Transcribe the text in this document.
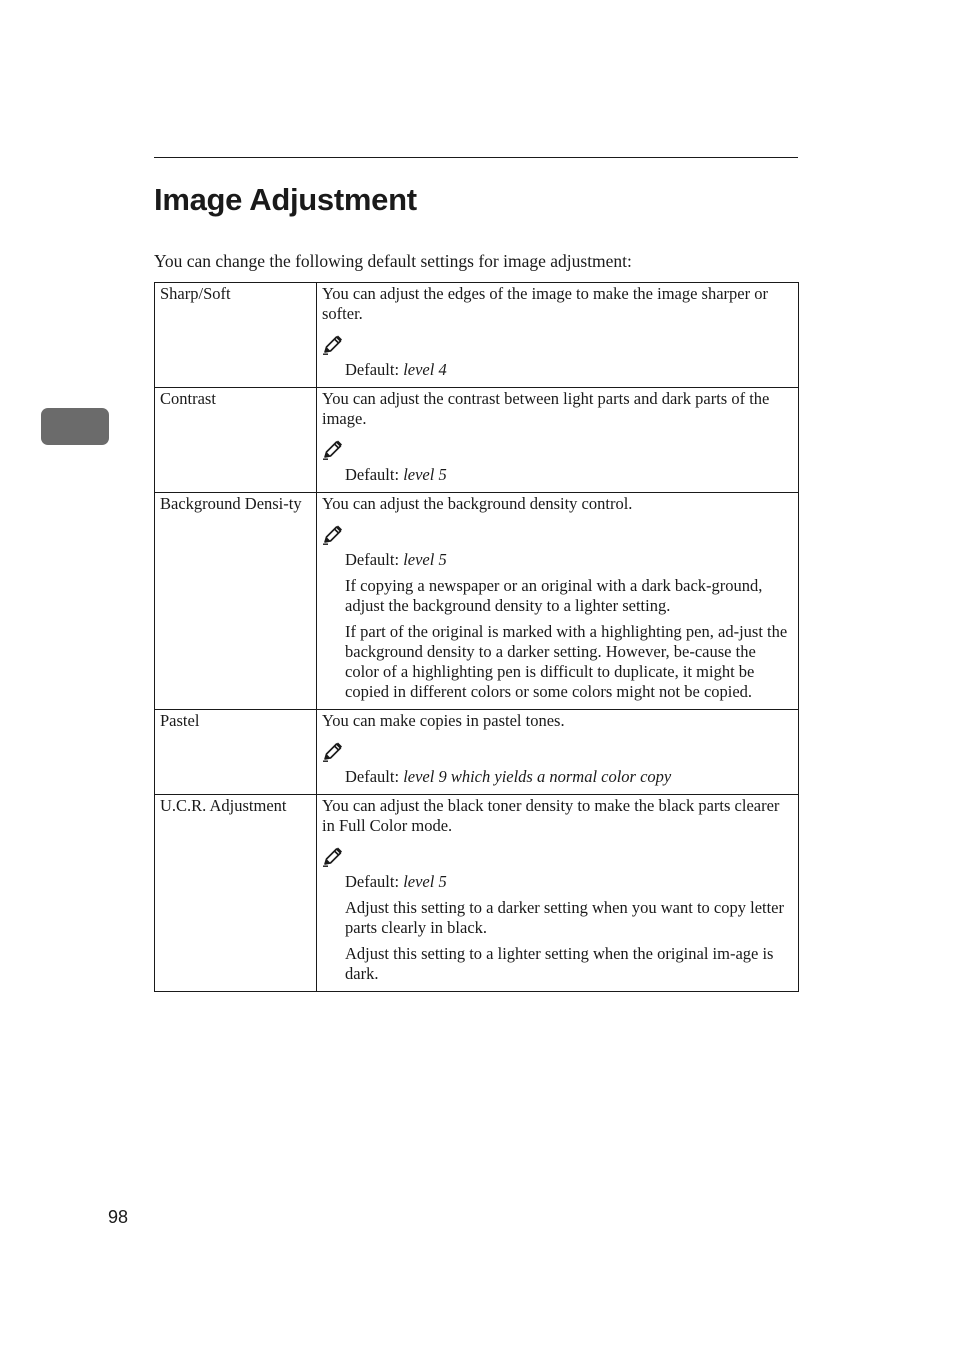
Image Adjustment

You can change the following default settings for image adjustment:

Sharp/Soft	You can adjust the edges of the image to make the image sharper or softer.

Default: level 4

Contrast	You can adjust the contrast between light parts and dark parts of the image.

Default: level 5

Background Densi-ty	You can adjust the background density control.

Default: level 5

If copying a newspaper or an original with a dark back-ground, adjust the background density to a lighter setting.

If part of the original is marked with a highlighting pen, ad-just the background density to a darker setting. However, be-cause the color of a highlighting pen is difficult to duplicate, it might be copied in different colors or some colors might not be copied.

Pastel	You can make copies in pastel tones.

Default: level 9 which yields a normal color copy

U.C.R. Adjustment	You can adjust the black toner density to make the black parts clearer in Full Color mode.

Default: level 5

Adjust this setting to a darker setting when you want to copy letter parts clearly in black.

Adjust this setting to a lighter setting when the original im-age is dark.

98
